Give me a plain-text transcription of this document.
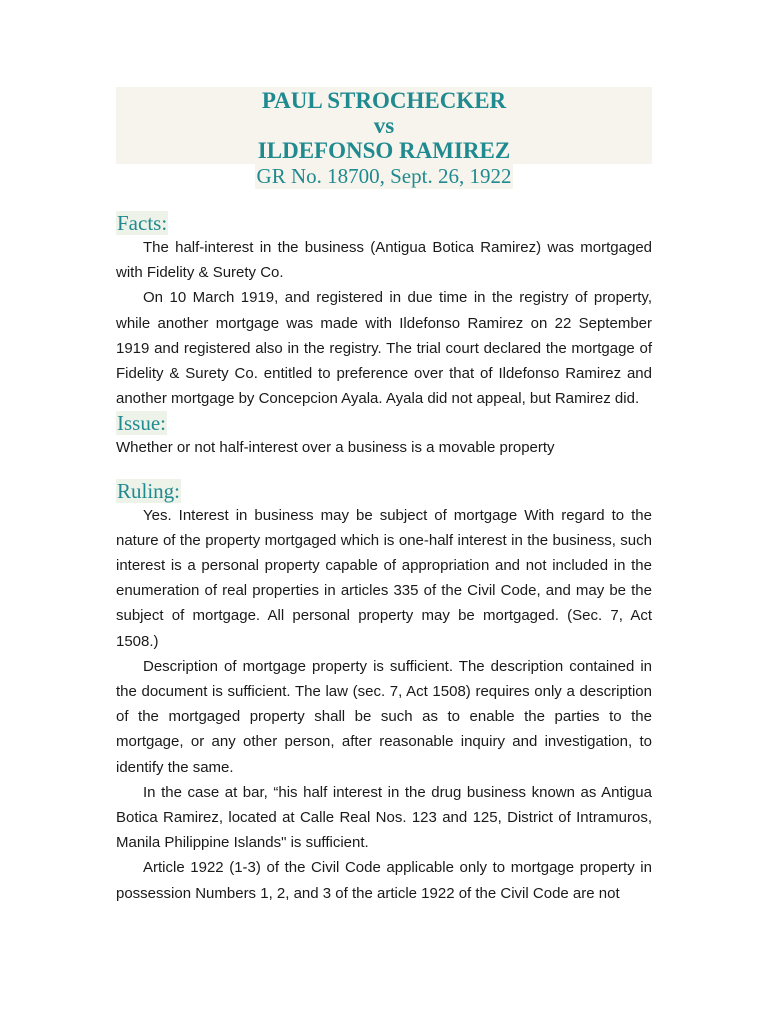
PAUL STROCHECKER
vs
ILDEFONSO RAMIREZ
GR No. 18700, Sept. 26, 1922
Facts:

The half-interest in the business (Antigua Botica Ramirez) was mortgaged with Fidelity & Surety Co.

On 10 March 1919, and registered in due time in the registry of property, while another mortgage was made with Ildefonso Ramirez on 22 September 1919 and registered also in the registry. The trial court declared the mortgage of Fidelity & Surety Co. entitled to preference over that of Ildefonso Ramirez and another mortgage by Concepcion Ayala. Ayala did not appeal, but Ramirez did.

Issue:

Whether or not half-interest over a business is a movable property

Ruling:

Yes. Interest in business may be subject of mortgage With regard to the nature of the property mortgaged which is one-half interest in the business, such interest is a personal property capable of appropriation and not included in the enumeration of real properties in articles 335 of the Civil Code, and may be the subject of mortgage. All personal property may be mortgaged. (Sec. 7, Act 1508.)

Description of mortgage property is sufficient. The description contained in the document is sufficient. The law (sec. 7, Act 1508) requires only a description of the mortgaged property shall be such as to enable the parties to the mortgage, or any other person, after reasonable inquiry and investigation, to identify the same.

In the case at bar, “his half interest in the drug business known as Antigua Botica Ramirez, located at Calle Real Nos. 123 and 125, District of Intramuros, Manila Philippine Islands" is sufficient.

Article 1922 (1-3) of the Civil Code applicable only to mortgage property in possession Numbers 1, 2, and 3 of the article 1922 of the Civil Code are not
